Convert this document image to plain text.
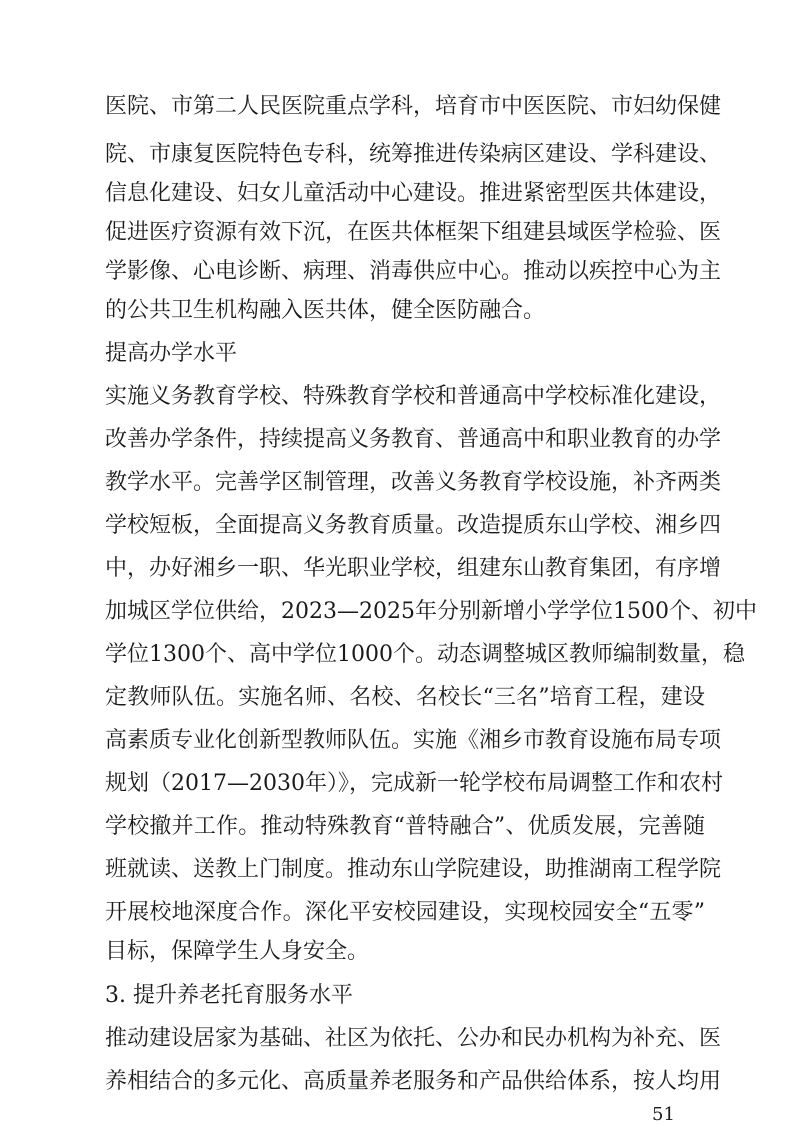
医院、市第二人民医院重点学科，培育市中医医院、市妇幼保健
院、市康复医院特色专科，统筹推进传染病区建设、学科建设、
信息化建设、妇女儿童活动中心建设。推进紧密型医共体建设，
促进医疗资源有效下沉，在医共体框架下组建县域医学检验、医
学影像、心电诊断、病理、消毒供应中心。推动以疾控中心为主
的公共卫生机构融入医共体，健全医防融合。
提高办学水平
实施义务教育学校、特殊教育学校和普通高中学校标准化建设，
改善办学条件，持续提高义务教育、普通高中和职业教育的办学
教学水平。完善学区制管理，改善义务教育学校设施，补齐两类
学校短板，全面提高义务教育质量。改造提质东山学校、湘乡四
中，办好湘乡一职、华光职业学校，组建东山教育集团，有序增
加城区学位供给，2023—2025年分别新增小学学位1500个、初中
学位1300个、高中学位1000个。动态调整城区教师编制数量，稳
定教师队伍。实施名师、名校、名校长“三名”培育工程，建设
高素质专业化创新型教师队伍。实施《湘乡市教育设施布局专项
规划（2017—2030年）》，完成新一轮学校布局调整工作和农村
学校撤并工作。推动特殊教育“普特融合”、优质发展，完善随
班就读、送教上门制度。推动东山学院建设，助推湖南工程学院
开展校地深度合作。深化平安校园建设，实现校园安全“五零”
目标，保障学生人身安全。
3. 提升养老托育服务水平
推动建设居家为基础、社区为依托、公办和民办机构为补充、医
养相结合的多元化、高质量养老服务和产品供给体系，按人均用
51
